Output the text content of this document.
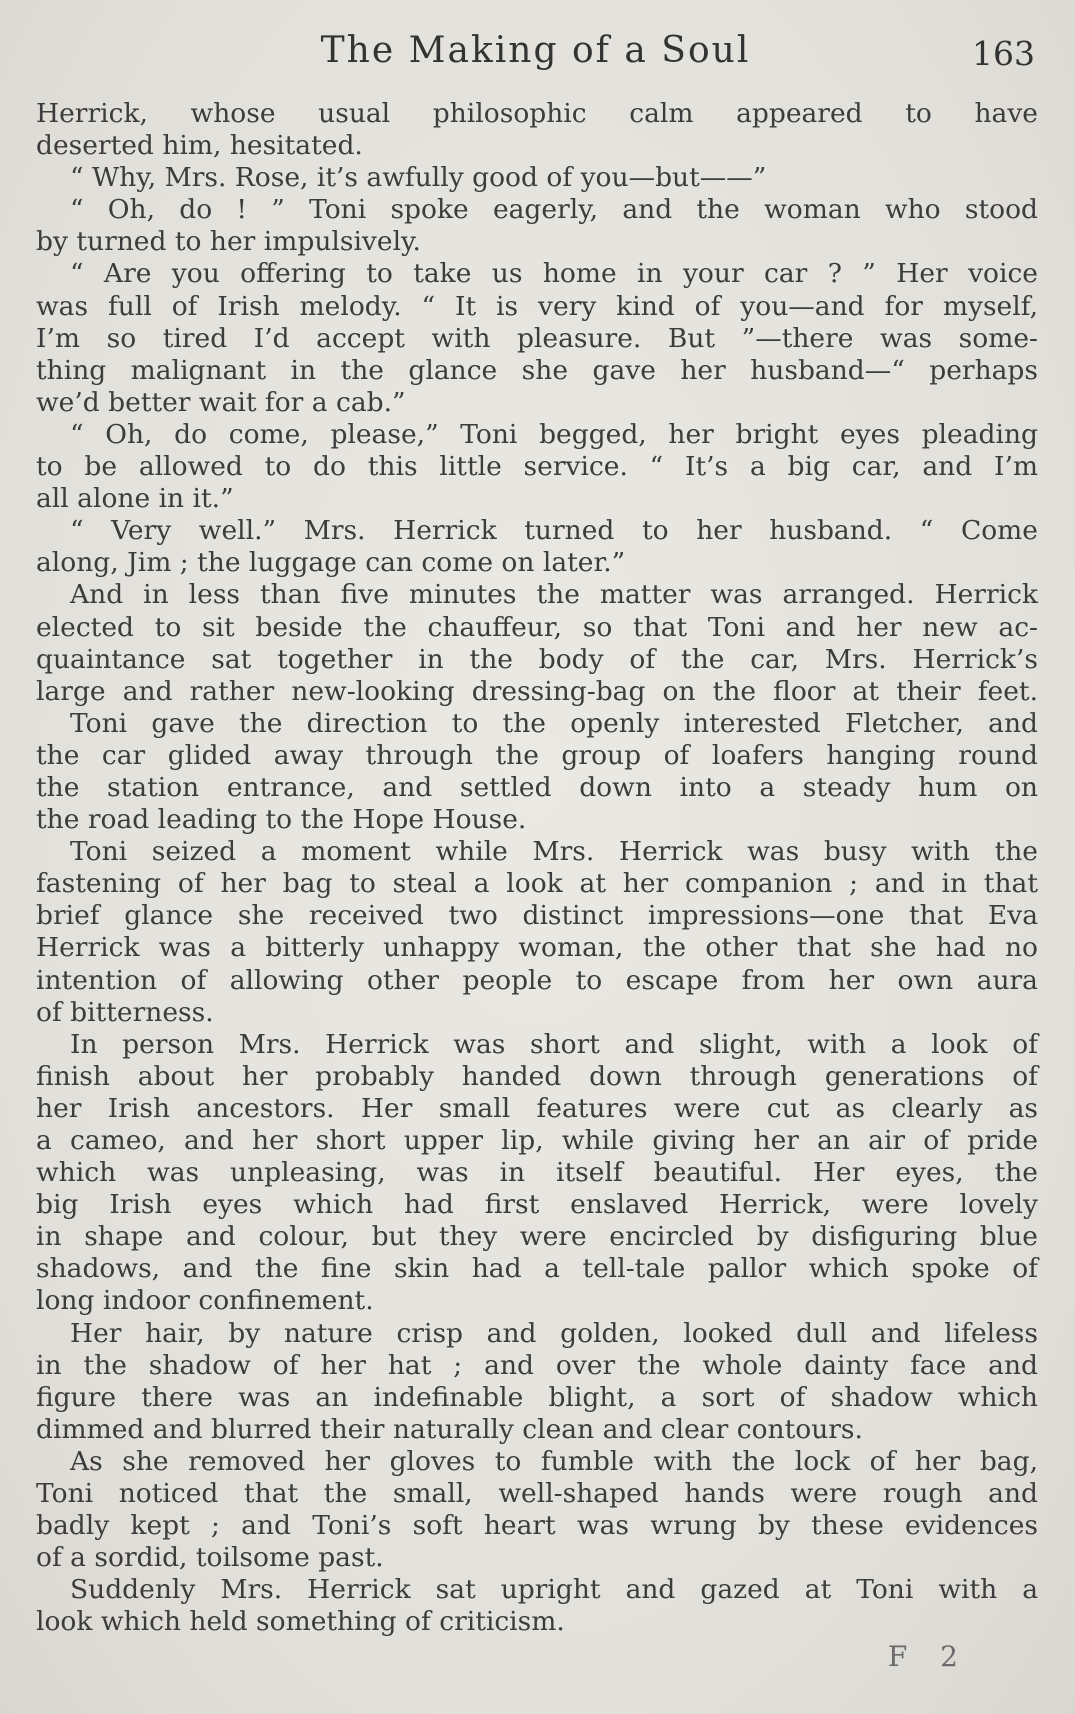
The Making of a Soul	163
Herrick, whose usual philosophic calm appeared to have
deserted him, hesitated.
“ Why, Mrs. Rose, it’s awfully good of you—but——”
“ Oh, do ! ” Toni spoke eagerly, and the woman who stood
by turned to her impulsively.
“ Are you offering to take us home in your car ? ” Her voice
was full of Irish melody. “ It is very kind of you—and for myself,
I’m so tired I’d accept with pleasure. But ”—there was some-
thing malignant in the glance she gave her husband—“ perhaps
we’d better wait for a cab.”
“ Oh, do come, please,” Toni begged, her bright eyes pleading
to be allowed to do this little service. “ It’s a big car, and I’m
all alone in it.”
“ Very well.” Mrs. Herrick turned to her husband. “ Come
along, Jim ; the luggage can come on later.”
And in less than five minutes the matter was arranged. Herrick
elected to sit beside the chauffeur, so that Toni and her new ac-
quaintance sat together in the body of the car, Mrs. Herrick’s
large and rather new-looking dressing-bag on the floor at their feet.
Toni gave the direction to the openly interested Fletcher, and
the car glided away through the group of loafers hanging round
the station entrance, and settled down into a steady hum on
the road leading to the Hope House.
Toni seized a moment while Mrs. Herrick was busy with the
fastening of her bag to steal a look at her companion ; and in that
brief glance she received two distinct impressions—one that Eva
Herrick was a bitterly unhappy woman, the other that she had no
intention of allowing other people to escape from her own aura
of bitterness.
In person Mrs. Herrick was short and slight, with a look of
finish about her probably handed down through generations of
her Irish ancestors. Her small features were cut as clearly as
a cameo, and her short upper lip, while giving her an air of pride
which was unpleasing, was in itself beautiful. Her eyes, the
big Irish eyes which had first enslaved Herrick, were lovely
in shape and colour, but they were encircled by disfiguring blue
shadows, and the fine skin had a tell-tale pallor which spoke of
long indoor confinement.
Her hair, by nature crisp and golden, looked dull and lifeless
in the shadow of her hat ; and over the whole dainty face and
figure there was an indefinable blight, a sort of shadow which
dimmed and blurred their naturally clean and clear contours.
As she removed her gloves to fumble with the lock of her bag,
Toni noticed that the small, well-shaped hands were rough and
badly kept ; and Toni’s soft heart was wrung by these evidences
of a sordid, toilsome past.
Suddenly Mrs. Herrick sat upright and gazed at Toni with a
look which held something of criticism.
F 2
